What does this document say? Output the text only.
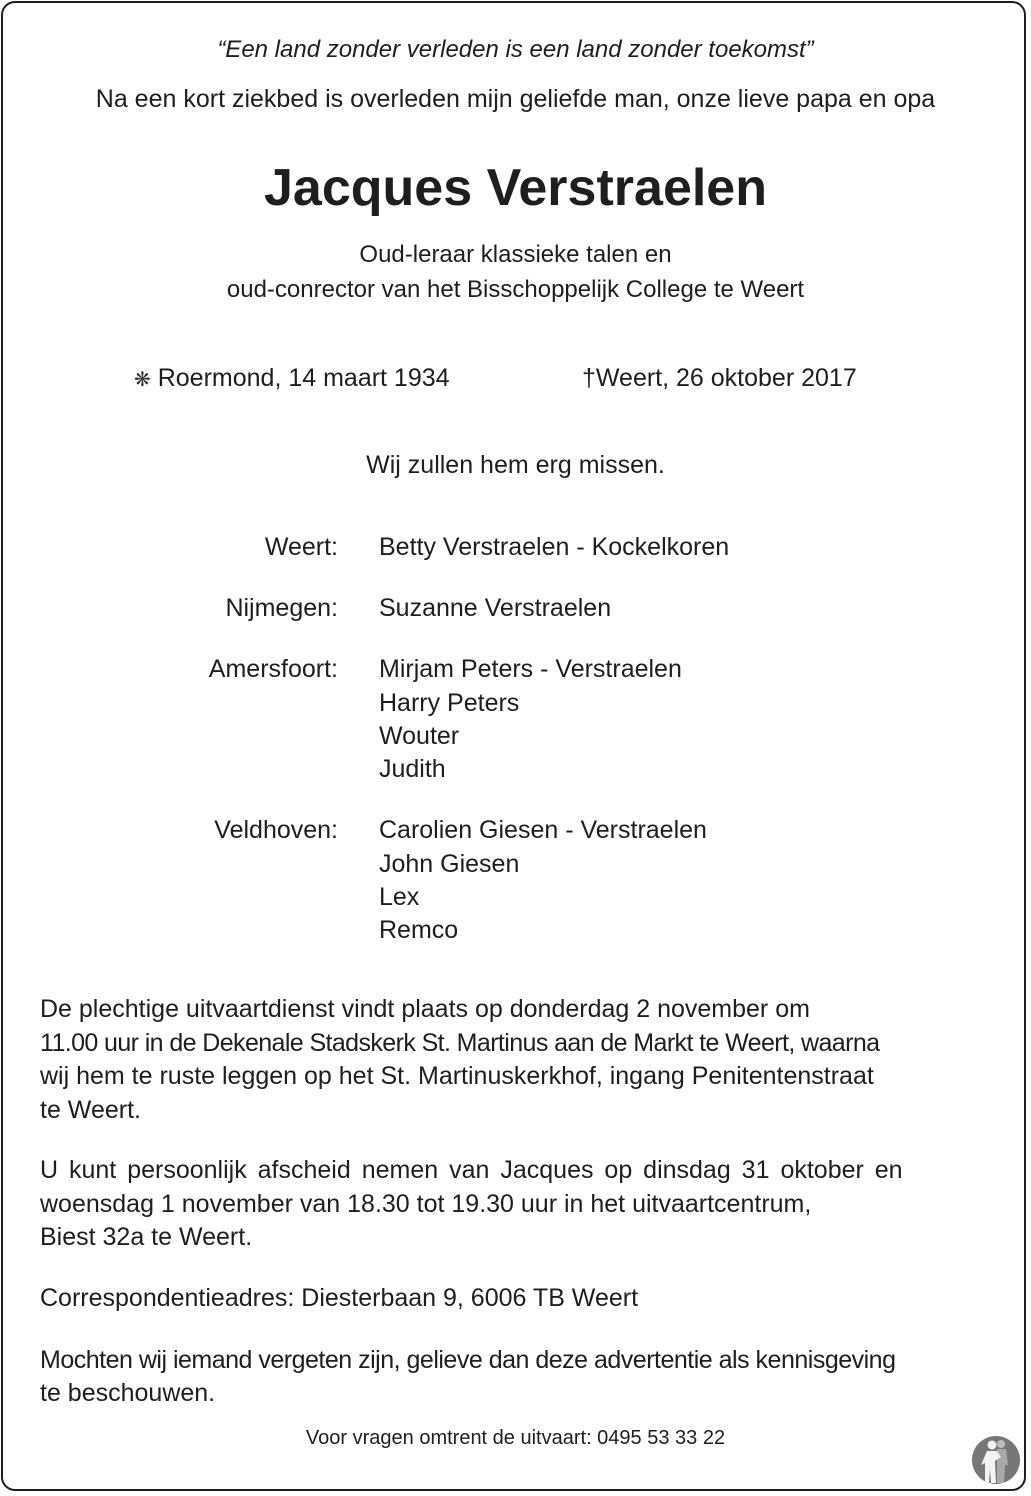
“Een land zonder verleden is een land zonder toekomst”
Na een kort ziekbed is overleden mijn geliefde man, onze lieve papa en opa
Jacques Verstraelen
Oud-leraar klassieke talen en
oud-conrector van het Bisschoppelijk College te Weert
❋ Roermond, 14 maart 1934	†Weert, 26 oktober 2017
Wij zullen hem erg missen.
Weert: Betty Verstraelen - Kockelkoren
Nijmegen: Suzanne Verstraelen
Amersfoort: Mirjam Peters - Verstraelen
Harry Peters
Wouter
Judith
Veldhoven: Carolien Giesen - Verstraelen
John Giesen
Lex
Remco
De plechtige uitvaartdienst vindt plaats op donderdag 2 november om
11.00 uur in de Dekenale Stadskerk St. Martinus aan de Markt te Weert, waarna
wij hem te ruste leggen op het St. Martinuskerkhof, ingang Penitentenstraat
te Weert.
U kunt persoonlijk afscheid nemen van Jacques op dinsdag 31 oktober en
woensdag 1 november van 18.30 tot 19.30 uur in het uitvaartcentrum,
Biest 32a te Weert.
Correspondentieadres: Diesterbaan 9, 6006 TB Weert
Mochten wij iemand vergeten zijn, gelieve dan deze advertentie als kennisgeving
te beschouwen.
Voor vragen omtrent de uitvaart: 0495 53 33 22
